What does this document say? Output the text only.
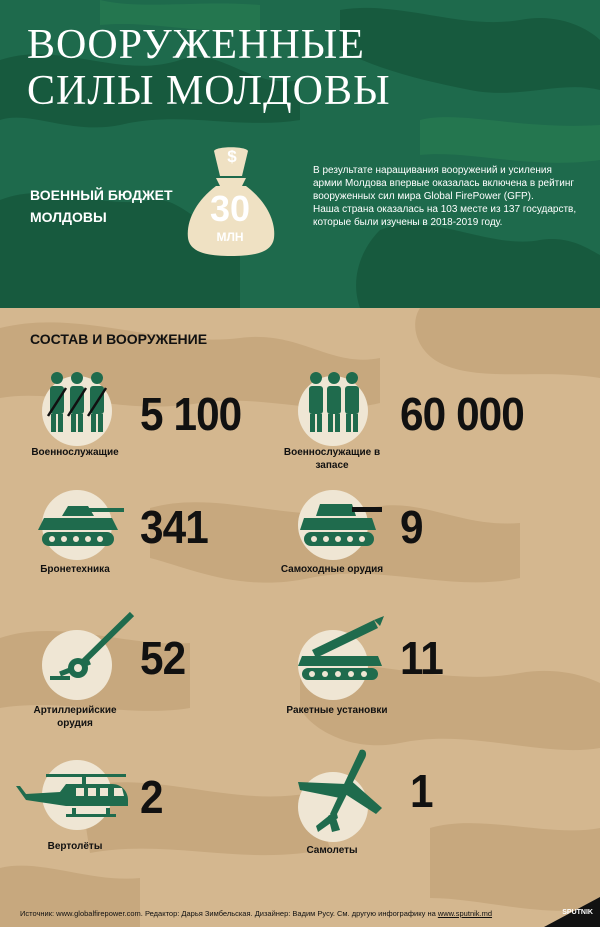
ВООРУЖЕННЫЕ
СИЛЫ МОЛДОВЫ
ВОЕННЫЙ БЮДЖЕТ МОЛДОВЫ
$
30
МЛН

В результате наращивания вооружений и усиления армии Молдова впервые оказалась включена в рейтинг вооруженных сил мира Global FirePower (GFP).

Наша страна оказалась на 103 месте из 137 государств, которые были изучены в 2018-2019 году.

СОСТАВ И ВООРУЖЕНИЕ
5 100
Военнослужащие
60 000
Военнослужащие в запасе
341
Бронетехника
9
Самоходные орудия
52
Артиллерийские орудия
11
Ракетные установки
2
Вертолёты
1
Самолеты
Источник: www.globalfirepower.com. Редактор: Дарья Зимбельская. Дизайнер: Вадим Русу. См. другую инфографику на www.sputnik.md	SPUTNIK
